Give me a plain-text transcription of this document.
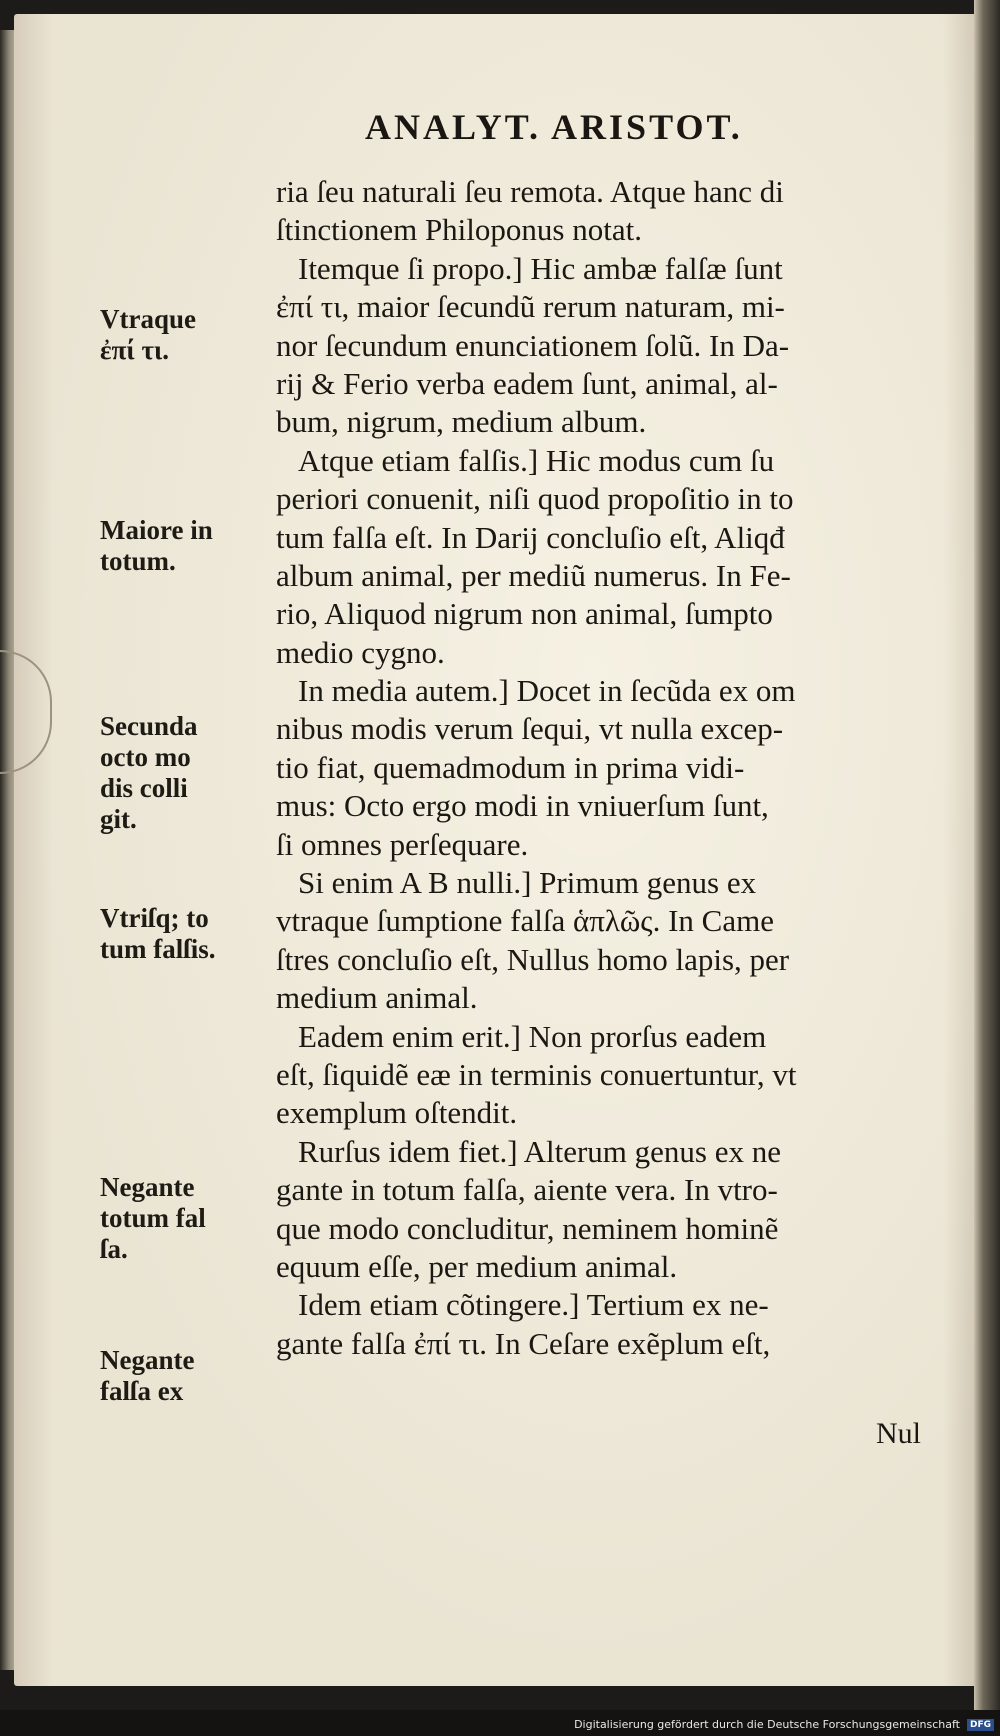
ANALYT. ARISTOT.
ria ſeu naturali ſeu remota. Atque hanc di
ſtinctionem Philoponus notat.
Itemque ſi propo.] Hic ambæ falſæ ſunt
ἐπί τι, maior ſecundũ rerum naturam, mi-
nor ſecundum enunciationem ſolũ. In Da-
rij & Ferio verba eadem ſunt, animal, al-
bum, nigrum, medium album.
Atque etiam falſis.] Hic modus cum ſu
periori conuenit, niſi quod propoſitio in to
tum falſa eſt. In Darij concluſio eſt, Aliqđ
album animal, per mediũ numerus. In Fe-
rio, Aliquod nigrum non animal, ſumpto
medio cygno.
In media autem.] Docet in ſecũda ex om
nibus modis verum ſequi, vt nulla excep-
tio fiat, quemadmodum in prima vidi-
mus: Octo ergo modi in vniuerſum ſunt,
ſi omnes perſequare.
Si enim A B nulli.] Primum genus ex
vtraque ſumptione falſa ἁπλῶς. In Came
ſtres concluſio eſt, Nullus homo lapis, per
medium animal.
Eadem enim erit.] Non prorſus eadem
eſt, ſiquidẽ eæ in terminis conuertuntur, vt
exemplum oſtendit.
Rurſus idem fiet.] Alterum genus ex ne
gante in totum falſa, aiente vera. In vtro-
que modo concluditur, neminem hominẽ
equum eſſe, per medium animal.
Idem etiam cõtingere.] Tertium ex ne-
gante falſa ἐπί τι. In Ceſare exẽplum eſt,
Nul
Vtraque
ἐπί τι.
Maiore in
totum.
Secunda
octo mo
dis colli
git.
Vtriſq; to
tum falſis.
Negante
totum fal
ſa.
Negante
falſa ex
Digitalisierung gefördert durch die Deutsche Forschungsgemeinschaft	DFG
